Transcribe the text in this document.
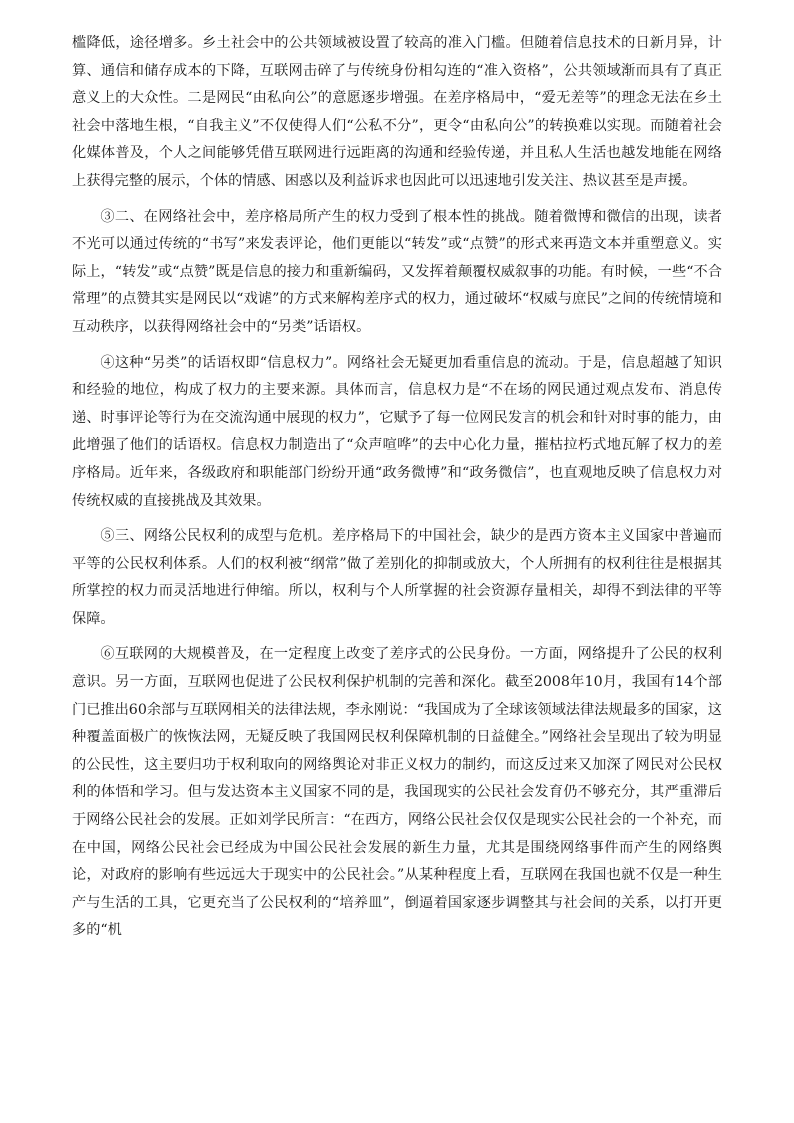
槛降低，途径增多。乡土社会中的公共领域被设置了较高的准入门槛。但随着信息技术的日新月异，计算、通信和储存成本的下降，互联网击碎了与传统身份相勾连的“准入资格”，公共领域渐而具有了真正意义上的大众性。二是网民“由私向公”的意愿逐步增强。在差序格局中，“爱无差等”的理念无法在乡土社会中落地生根，“自我主义”不仅使得人们“公私不分”，更令“由私向公”的转换难以实现。而随着社会化媒体普及，个人之间能够凭借互联网进行远距离的沟通和经验传递，并且私人生活也越发地能在网络上获得完整的展示，个体的情感、困惑以及利益诉求也因此可以迅速地引发关注、热议甚至是声援。

③二、在网络社会中，差序格局所产生的权力受到了根本性的挑战。随着微博和微信的出现，读者不光可以通过传统的“书写”来发表评论，他们更能以“转发”或“点赞”的形式来再造文本并重塑意义。实际上，“转发”或“点赞”既是信息的接力和重新编码，又发挥着颠覆权威叙事的功能。有时候，一些“不合常理”的点赞其实是网民以“戏谑”的方式来解构差序式的权力，通过破坏“权威与庶民”之间的传统情境和互动秩序，以获得网络社会中的“另类”话语权。

④这种“另类”的话语权即“信息权力”。网络社会无疑更加看重信息的流动。于是，信息超越了知识和经验的地位，构成了权力的主要来源。具体而言，信息权力是“不在场的网民通过观点发布、消息传递、时事评论等行为在交流沟通中展现的权力”，它赋予了每一位网民发言的机会和针对时事的能力，由此增强了他们的话语权。信息权力制造出了“众声喧哗”的去中心化力量，摧枯拉朽式地瓦解了权力的差序格局。近年来，各级政府和职能部门纷纷开通“政务微博”和“政务微信”，也直观地反映了信息权力对传统权威的直接挑战及其效果。

⑤三、网络公民权利的成型与危机。差序格局下的中国社会，缺少的是西方资本主义国家中普遍而平等的公民权利体系。人们的权利被“纲常”做了差别化的抑制或放大，个人所拥有的权利往往是根据其所掌控的权力而灵活地进行伸缩。所以，权利与个人所掌握的社会资源存量相关，却得不到法律的平等保障。

⑥互联网的大规模普及，在一定程度上改变了差序式的公民身份。一方面，网络提升了公民的权利意识。另一方面，互联网也促进了公民权利保护机制的完善和深化。截至2008年10月，我国有14个部门已推出60余部与互联网相关的法律法规，李永刚说：“我国成为了全球该领域法律法规最多的国家，这种覆盖面极广的恢恢法网，无疑反映了我国网民权利保障机制的日益健全。”网络社会呈现出了较为明显的公民性，这主要归功于权利取向的网络舆论对非正义权力的制约，而这反过来又加深了网民对公民权利的体悟和学习。但与发达资本主义国家不同的是，我国现实的公民社会发育仍不够充分，其严重滞后于网络公民社会的发展。正如刘学民所言：“在西方，网络公民社会仅仅是现实公民社会的一个补充，而在中国，网络公民社会已经成为中国公民社会发展的新生力量，尤其是围绕网络事件而产生的网络舆论，对政府的影响有些远远大于现实中的公民社会。”从某种程度上看，互联网在我国也就不仅是一种生产与生活的工具，它更充当了公民权利的“培养皿”，倒逼着国家逐步调整其与社会间的关系，以打开更多的“机
